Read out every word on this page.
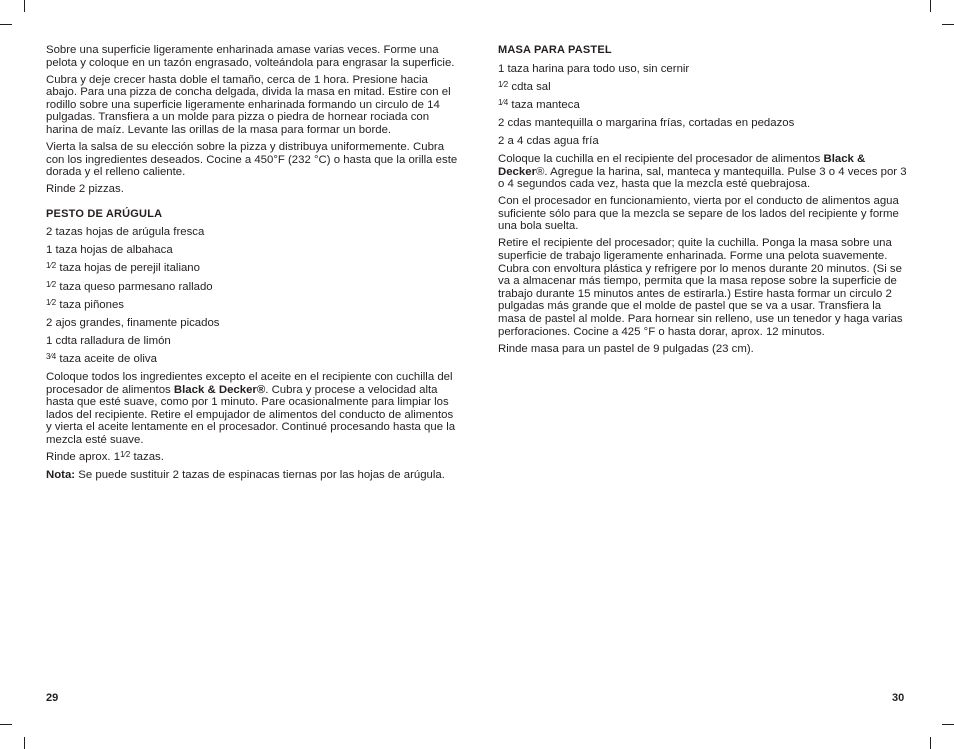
Sobre una superficie ligeramente enharinada amase varias veces. Forme una pelota y coloque en un tazón engrasado, volteándola para engrasar la superficie.

Cubra y deje crecer hasta doble el tamaño, cerca de 1 hora. Presione hacia abajo. Para una pizza de concha delgada, divida la masa en mitad. Estire con el rodillo sobre una superficie ligeramente enharinada formando un circulo de 14 pulgadas. Transfiera a un molde para pizza o piedra de hornear rociada con harina de maíz. Levante las orillas de la masa para formar un borde.

Vierta la salsa de su elección sobre la pizza y distribuya uniformemente. Cubra con los ingredientes deseados. Cocine a 450°F (232 °C) o hasta que la orilla este dorada y el relleno caliente.

Rinde 2 pizzas.

PESTO DE ARÚGULA

2 tazas hojas de arúgula fresca

1 taza hojas de albahaca

$^{1⁄2}$ taza hojas de perejil italiano

$^{1⁄2}$ taza queso parmesano rallado

$^{1⁄2}$ taza piñones

2 ajos grandes, finamente picados

1 cdta ralladura de limón

$^{3⁄4}$ taza aceite de oliva

Coloque todos los ingredientes excepto el aceite en el recipiente con cuchilla del procesador de alimentos Black & Decker®. Cubra y procese a velocidad alta hasta que esté suave, como por 1 minuto. Pare ocasionalmente para limpiar los lados del recipiente. Retire el empujador de alimentos del conducto de alimentos y vierta el aceite lentamente en el procesador. Continué procesando hasta que la mezcla esté suave.

Rinde aprox. $1^{1⁄2}$ tazas.

Nota: Se puede sustituir 2 tazas de espinacas tiernas por las hojas de arúgula.

29
MASA PARA PASTEL

1 taza harina para todo uso, sin cernir

$^{1⁄2}$ cdta sal

$^{1⁄4}$ taza manteca

2 cdas mantequilla o margarina frías, cortadas en pedazos

2 a 4 cdas agua fría

Coloque la cuchilla en el recipiente del procesador de alimentos Black & Decker®. Agregue la harina, sal, manteca y mantequilla. Pulse 3 o 4 veces por 3 o 4 segundos cada vez, hasta que la mezcla esté quebrajosa.

Con el procesador en funcionamiento, vierta por el conducto de alimentos agua suficiente sólo para que la mezcla se separe de los lados del recipiente y forme una bola suelta.

Retire el recipiente del procesador; quite la cuchilla. Ponga la masa sobre una superficie de trabajo ligeramente enharinada. Forme una pelota suavemente. Cubra con envoltura plástica y refrigere por lo menos durante 20 minutos. (Si se va a almacenar más tiempo, permita que la masa repose sobre la superficie de trabajo durante 15 minutos antes de estirarla.) Estire hasta formar un circulo 2 pulgadas más grande que el molde de pastel que se va a usar. Transfiera la masa de pastel al molde. Para hornear sin relleno, use un tenedor y haga varias perforaciones. Cocine a 425 °F o hasta dorar, aprox. 12 minutos.

Rinde masa para un pastel de 9 pulgadas (23 cm).

30
